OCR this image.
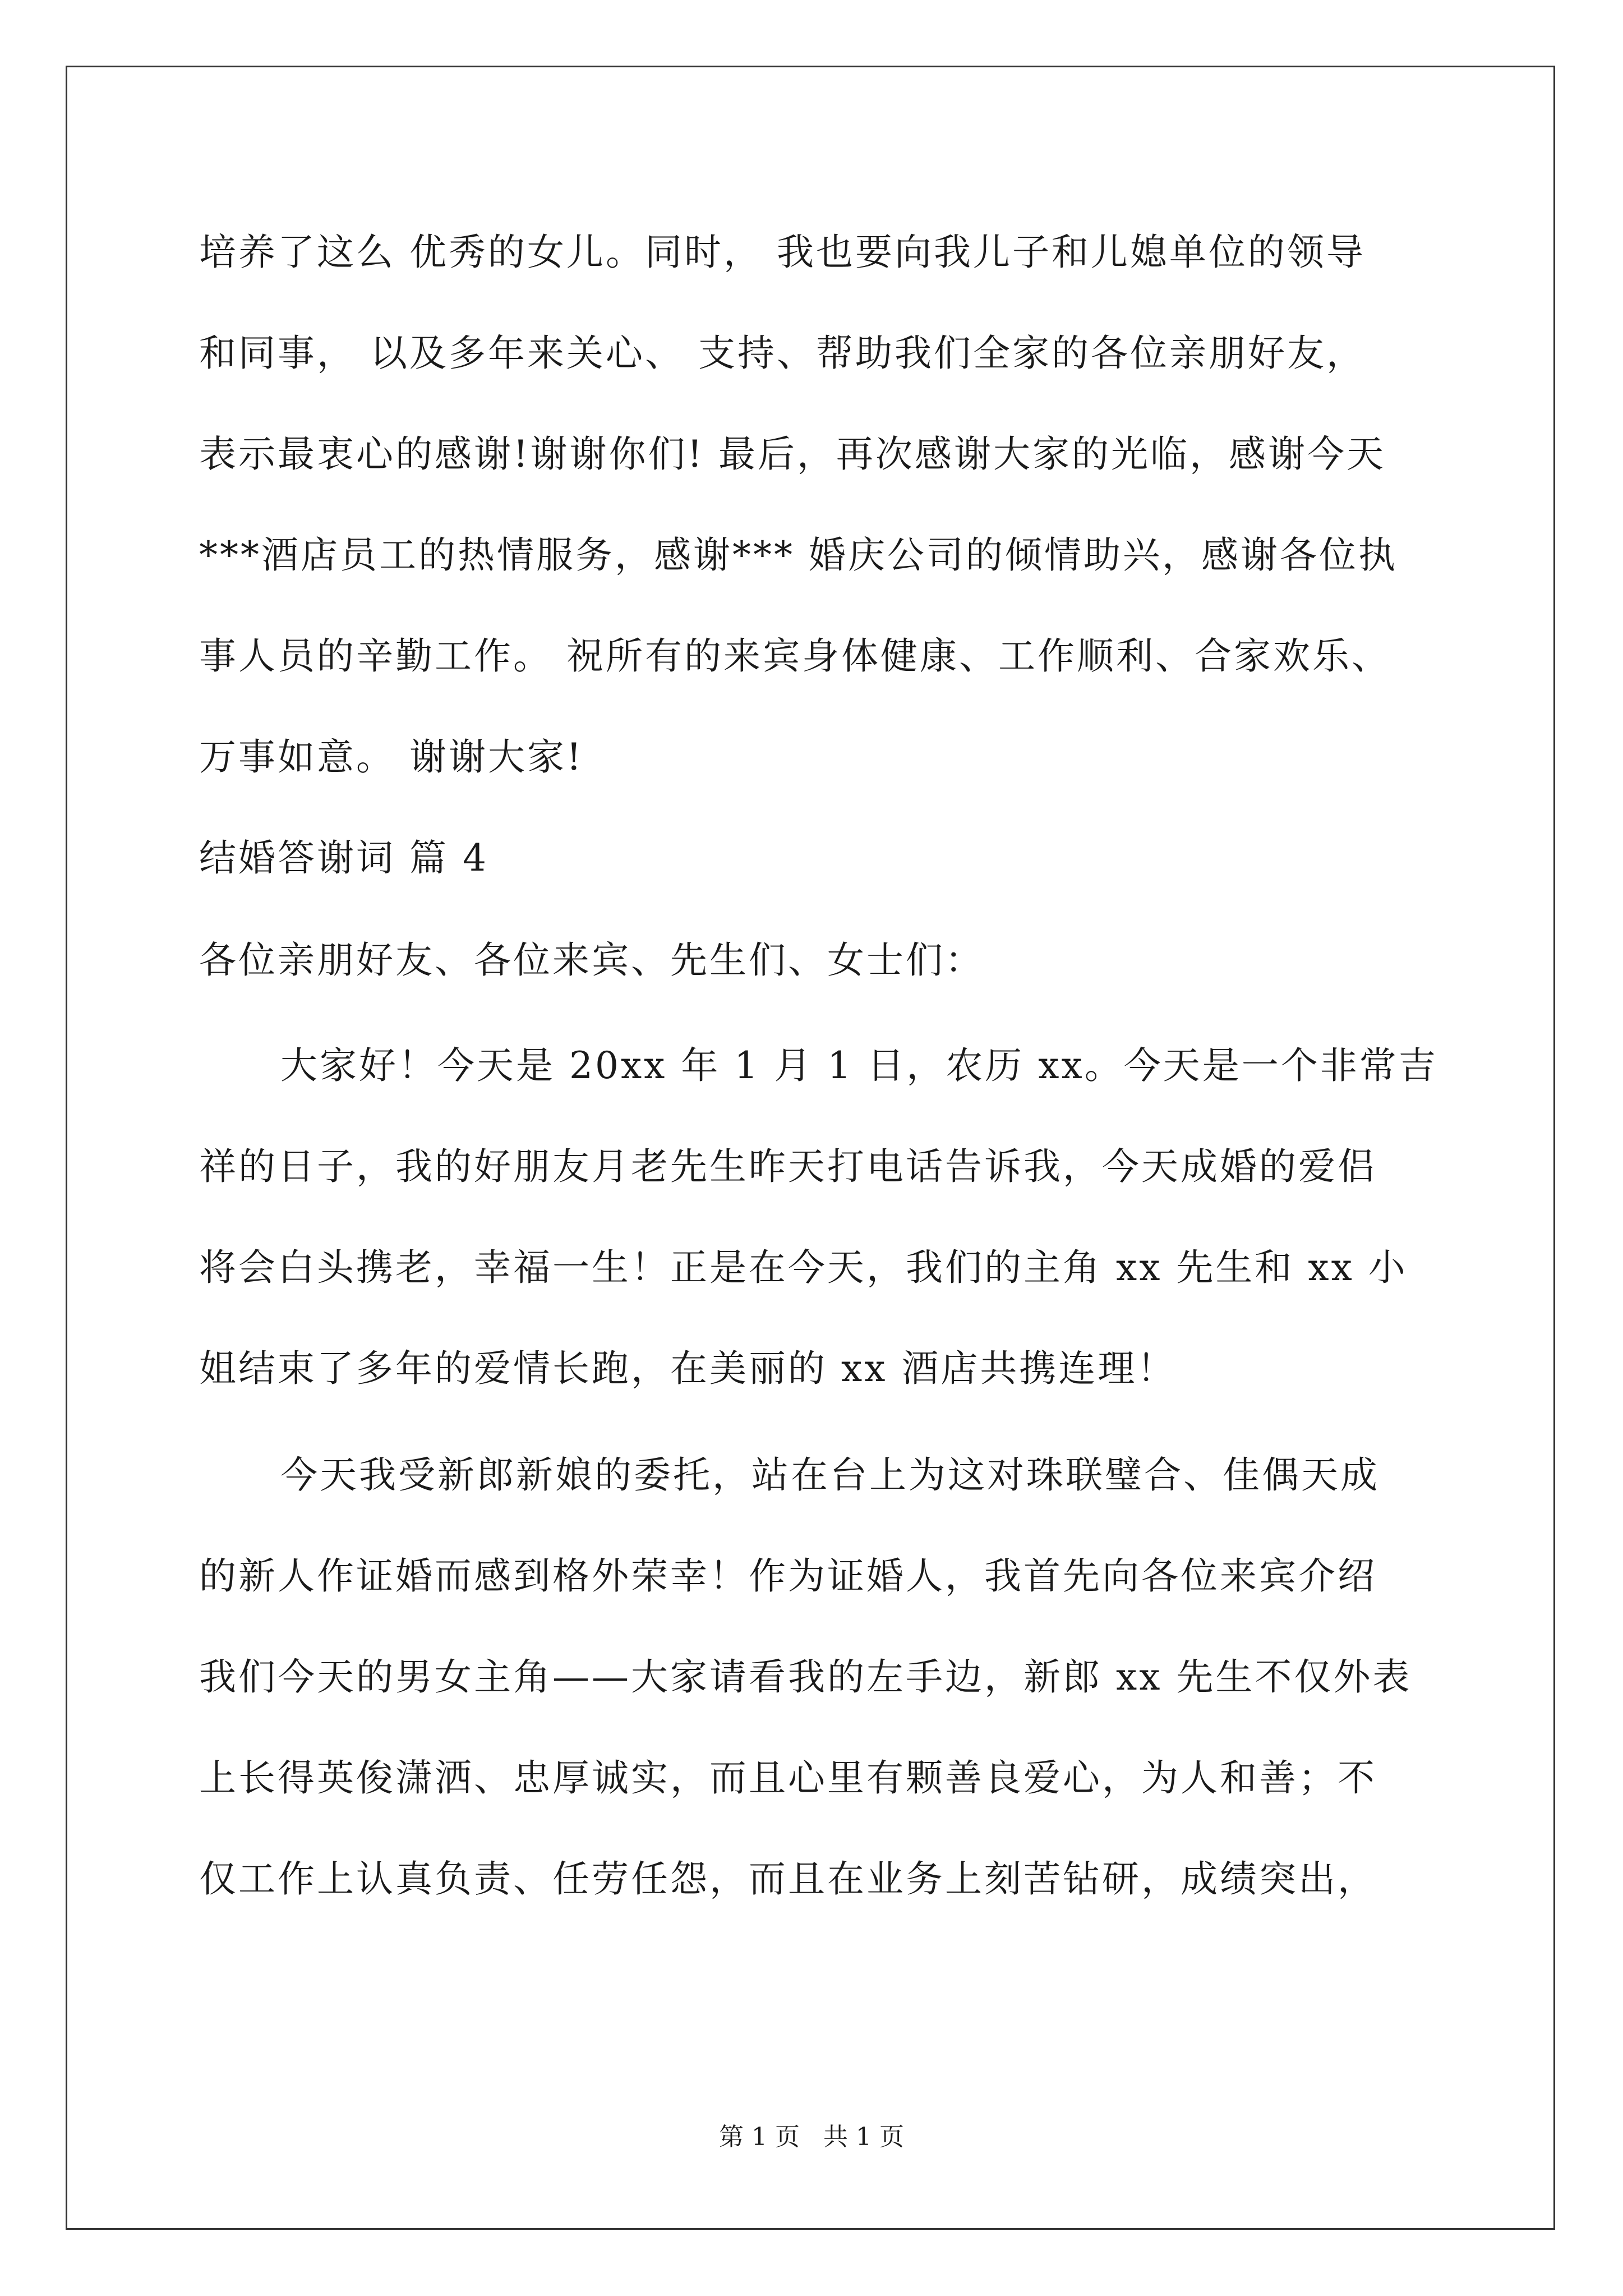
培养了这么 优秀的女儿。同时， 我也要向我儿子和儿媳单位的领导
和同事， 以及多年来关心、 支持、帮助我们全家的各位亲朋好友，
表示最衷心的感谢!谢谢你们! 最后，再次感谢大家的光临，感谢今天
***酒店员工的热情服务，感谢*** 婚庆公司的倾情助兴，感谢各位执
事人员的辛勤工作。 祝所有的来宾身体健康、工作顺利、合家欢乐、
万事如意。 谢谢大家!
结婚答谢词 篇 4
各位亲朋好友、各位来宾、先生们、女士们：
大家好！今天是 20xx 年 1 月 1 日，农历 xx。今天是一个非常吉
祥的日子，我的好朋友月老先生昨天打电话告诉我，今天成婚的爱侣
将会白头携老，幸福一生！正是在今天，我们的主角 xx 先生和 xx 小
姐结束了多年的爱情长跑，在美丽的 xx 酒店共携连理！
今天我受新郎新娘的委托，站在台上为这对珠联璧合、佳偶天成
的新人作证婚而感到格外荣幸！作为证婚人，我首先向各位来宾介绍
我们今天的男女主角——大家请看我的左手边，新郎 xx 先生不仅外表
上长得英俊潇洒、忠厚诚实，而且心里有颗善良爱心，为人和善；不
仅工作上认真负责、任劳任怨，而且在业务上刻苦钻研，成绩突出，
第 1 页   共 1 页
